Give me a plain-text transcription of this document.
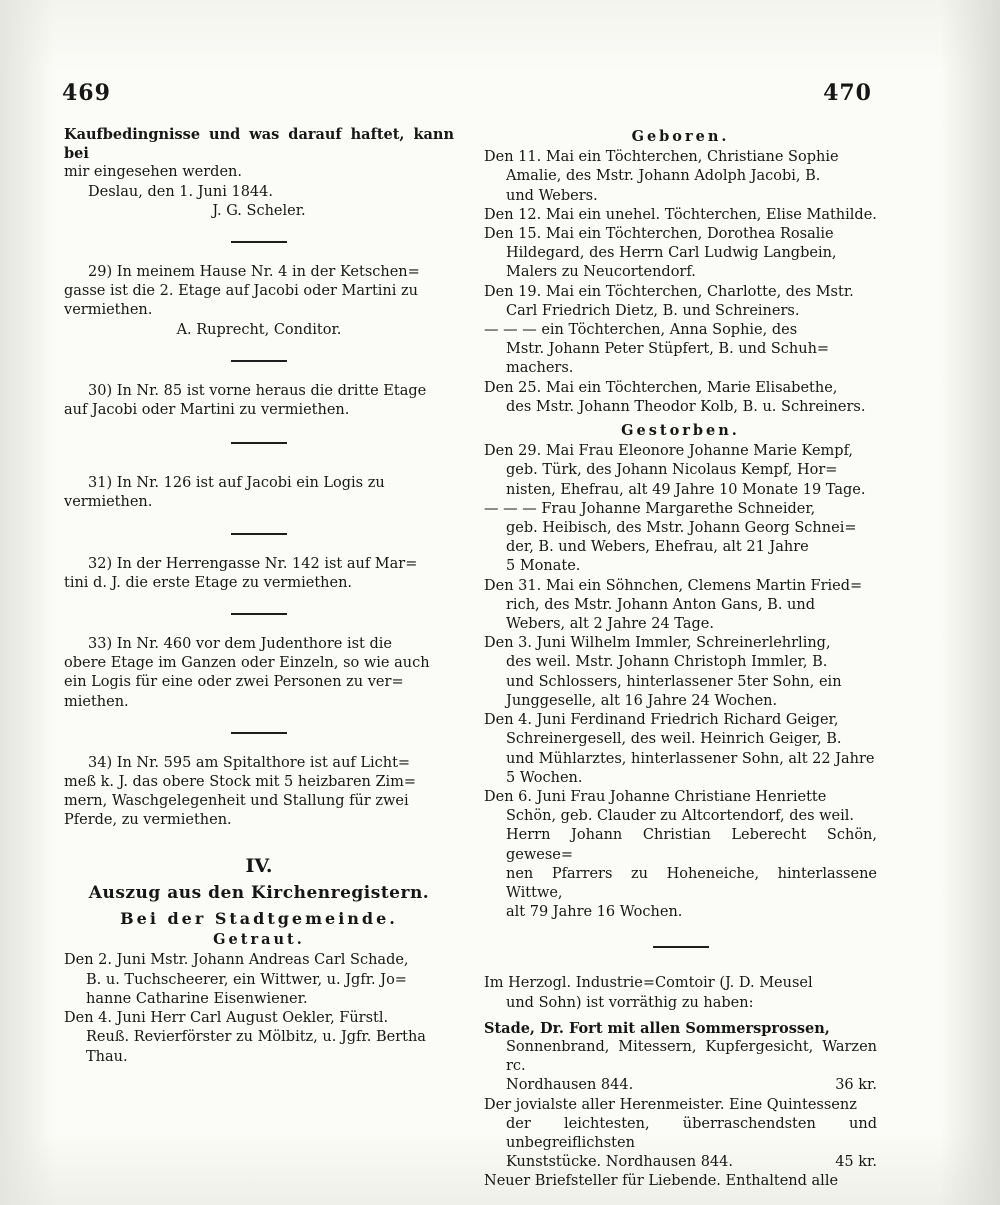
469	470
Kaufbedingnisse und was darauf haftet, kann bei
mir eingesehen werden.
Deslau, den 1. Juni 1844.
J. G. Scheler.
29) In meinem Hause Nr. 4 in der Ketschen=
gasse ist die 2. Etage auf Jacobi oder Martini zu
vermiethen.
A. Ruprecht, Conditor.
30) In Nr. 85 ist vorne heraus die dritte Etage
auf Jacobi oder Martini zu vermiethen.
31) In Nr. 126 ist auf Jacobi ein Logis zu
vermiethen.
32) In der Herrengasse Nr. 142 ist auf Mar=
tini d. J. die erste Etage zu vermiethen.
33) In Nr. 460 vor dem Judenthore ist die
obere Etage im Ganzen oder Einzeln, so wie auch
ein Logis für eine oder zwei Personen zu ver=
miethen.
34) In Nr. 595 am Spitalthore ist auf Licht=
meß k. J. das obere Stock mit 5 heizbaren Zim=
mern, Waschgelegenheit und Stallung für zwei
Pferde, zu vermiethen.
IV.
Auszug aus den Kirchenregistern.
Bei der Stadtgemeinde.
Getraut.
Den 2. Juni Mstr. Johann Andreas Carl Schade,
B. u. Tuchscheerer, ein Wittwer, u. Jgfr. Jo=
hanne Catharine Eisenwiener.
Den 4. Juni Herr Carl August Oekler, Fürstl.
Reuß. Revierförster zu Mölbitz, u. Jgfr. Bertha
Thau.
Geboren.
Den 11. Mai ein Töchterchen, Christiane Sophie
Amalie, des Mstr. Johann Adolph Jacobi, B.
und Webers.
Den 12. Mai ein unehel. Töchterchen, Elise Mathilde.
Den 15. Mai ein Töchterchen, Dorothea Rosalie
Hildegard, des Herrn Carl Ludwig Langbein,
Malers zu Neucortendorf.
Den 19. Mai ein Töchterchen, Charlotte, des Mstr.
Carl Friedrich Dietz, B. und Schreiners.
— — — ein Töchterchen, Anna Sophie, des
Mstr. Johann Peter Stüpfert, B. und Schuh=
machers.
Den 25. Mai ein Töchterchen, Marie Elisabethe,
des Mstr. Johann Theodor Kolb, B. u. Schreiners.
Gestorben.
Den 29. Mai Frau Eleonore Johanne Marie Kempf,
geb. Türk, des Johann Nicolaus Kempf, Hor=
nisten, Ehefrau, alt 49 Jahre 10 Monate 19 Tage.
— — — Frau Johanne Margarethe Schneider,
geb. Heibisch, des Mstr. Johann Georg Schnei=
der, B. und Webers, Ehefrau, alt 21 Jahre
5 Monate.
Den 31. Mai ein Söhnchen, Clemens Martin Fried=
rich, des Mstr. Johann Anton Gans, B. und
Webers, alt 2 Jahre 24 Tage.
Den 3. Juni Wilhelm Immler, Schreinerlehrling,
des weil. Mstr. Johann Christoph Immler, B.
und Schlossers, hinterlassener 5ter Sohn, ein
Junggeselle, alt 16 Jahre 24 Wochen.
Den 4. Juni Ferdinand Friedrich Richard Geiger,
Schreinergesell, des weil. Heinrich Geiger, B.
und Mühlarztes, hinterlassener Sohn, alt 22 Jahre
5 Wochen.
Den 6. Juni Frau Johanne Christiane Henriette
Schön, geb. Clauder zu Altcortendorf, des weil.
Herrn Johann Christian Leberecht Schön, gewese=
nen Pfarrers zu Hoheneiche, hinterlassene Wittwe,
alt 79 Jahre 16 Wochen.
Im Herzogl. Industrie=Comtoir (J. D. Meusel
und Sohn) ist vorräthig zu haben:
Stade, Dr. Fort mit allen Sommersprossen,
Sonnenbrand, Mitessern, Kupfergesicht, Warzen rc.
Nordhausen 844.	36 kr.
Der jovialste aller Herenmeister. Eine Quintessenz
der leichtesten, überraschendsten und unbegreiflichsten
Kunststücke. Nordhausen 844.	45 kr.
Neuer Briefsteller für Liebende. Enthaltend alle
